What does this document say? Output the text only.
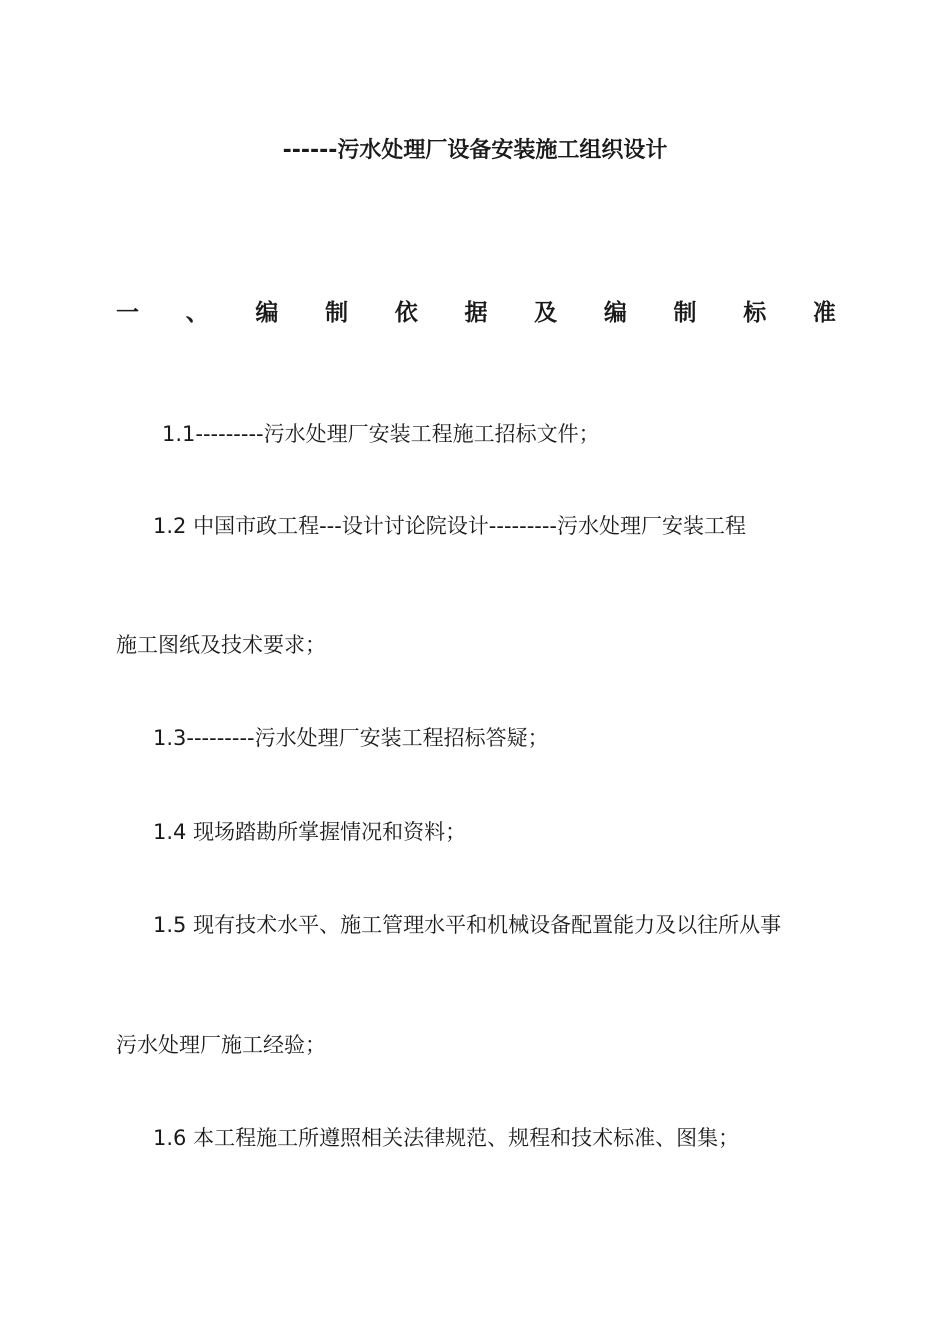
------污水处理厂设备安装施工组织设计
一 、 编 制 依 据 及 编 制 标 准
1.1---------污水处理厂安装工程施工招标文件；
1.2 中国市政工程---设计讨论院设计---------污水处理厂安装工程
施工图纸及技术要求；
1.3---------污水处理厂安装工程招标答疑；
1.4 现场踏勘所掌握情况和资料；
1.5 现有技术水平、施工管理水平和机械设备配置能力及以往所从事
污水处理厂施工经验；
1.6 本工程施工所遵照相关法律规范、规程和技术标准、图集；
